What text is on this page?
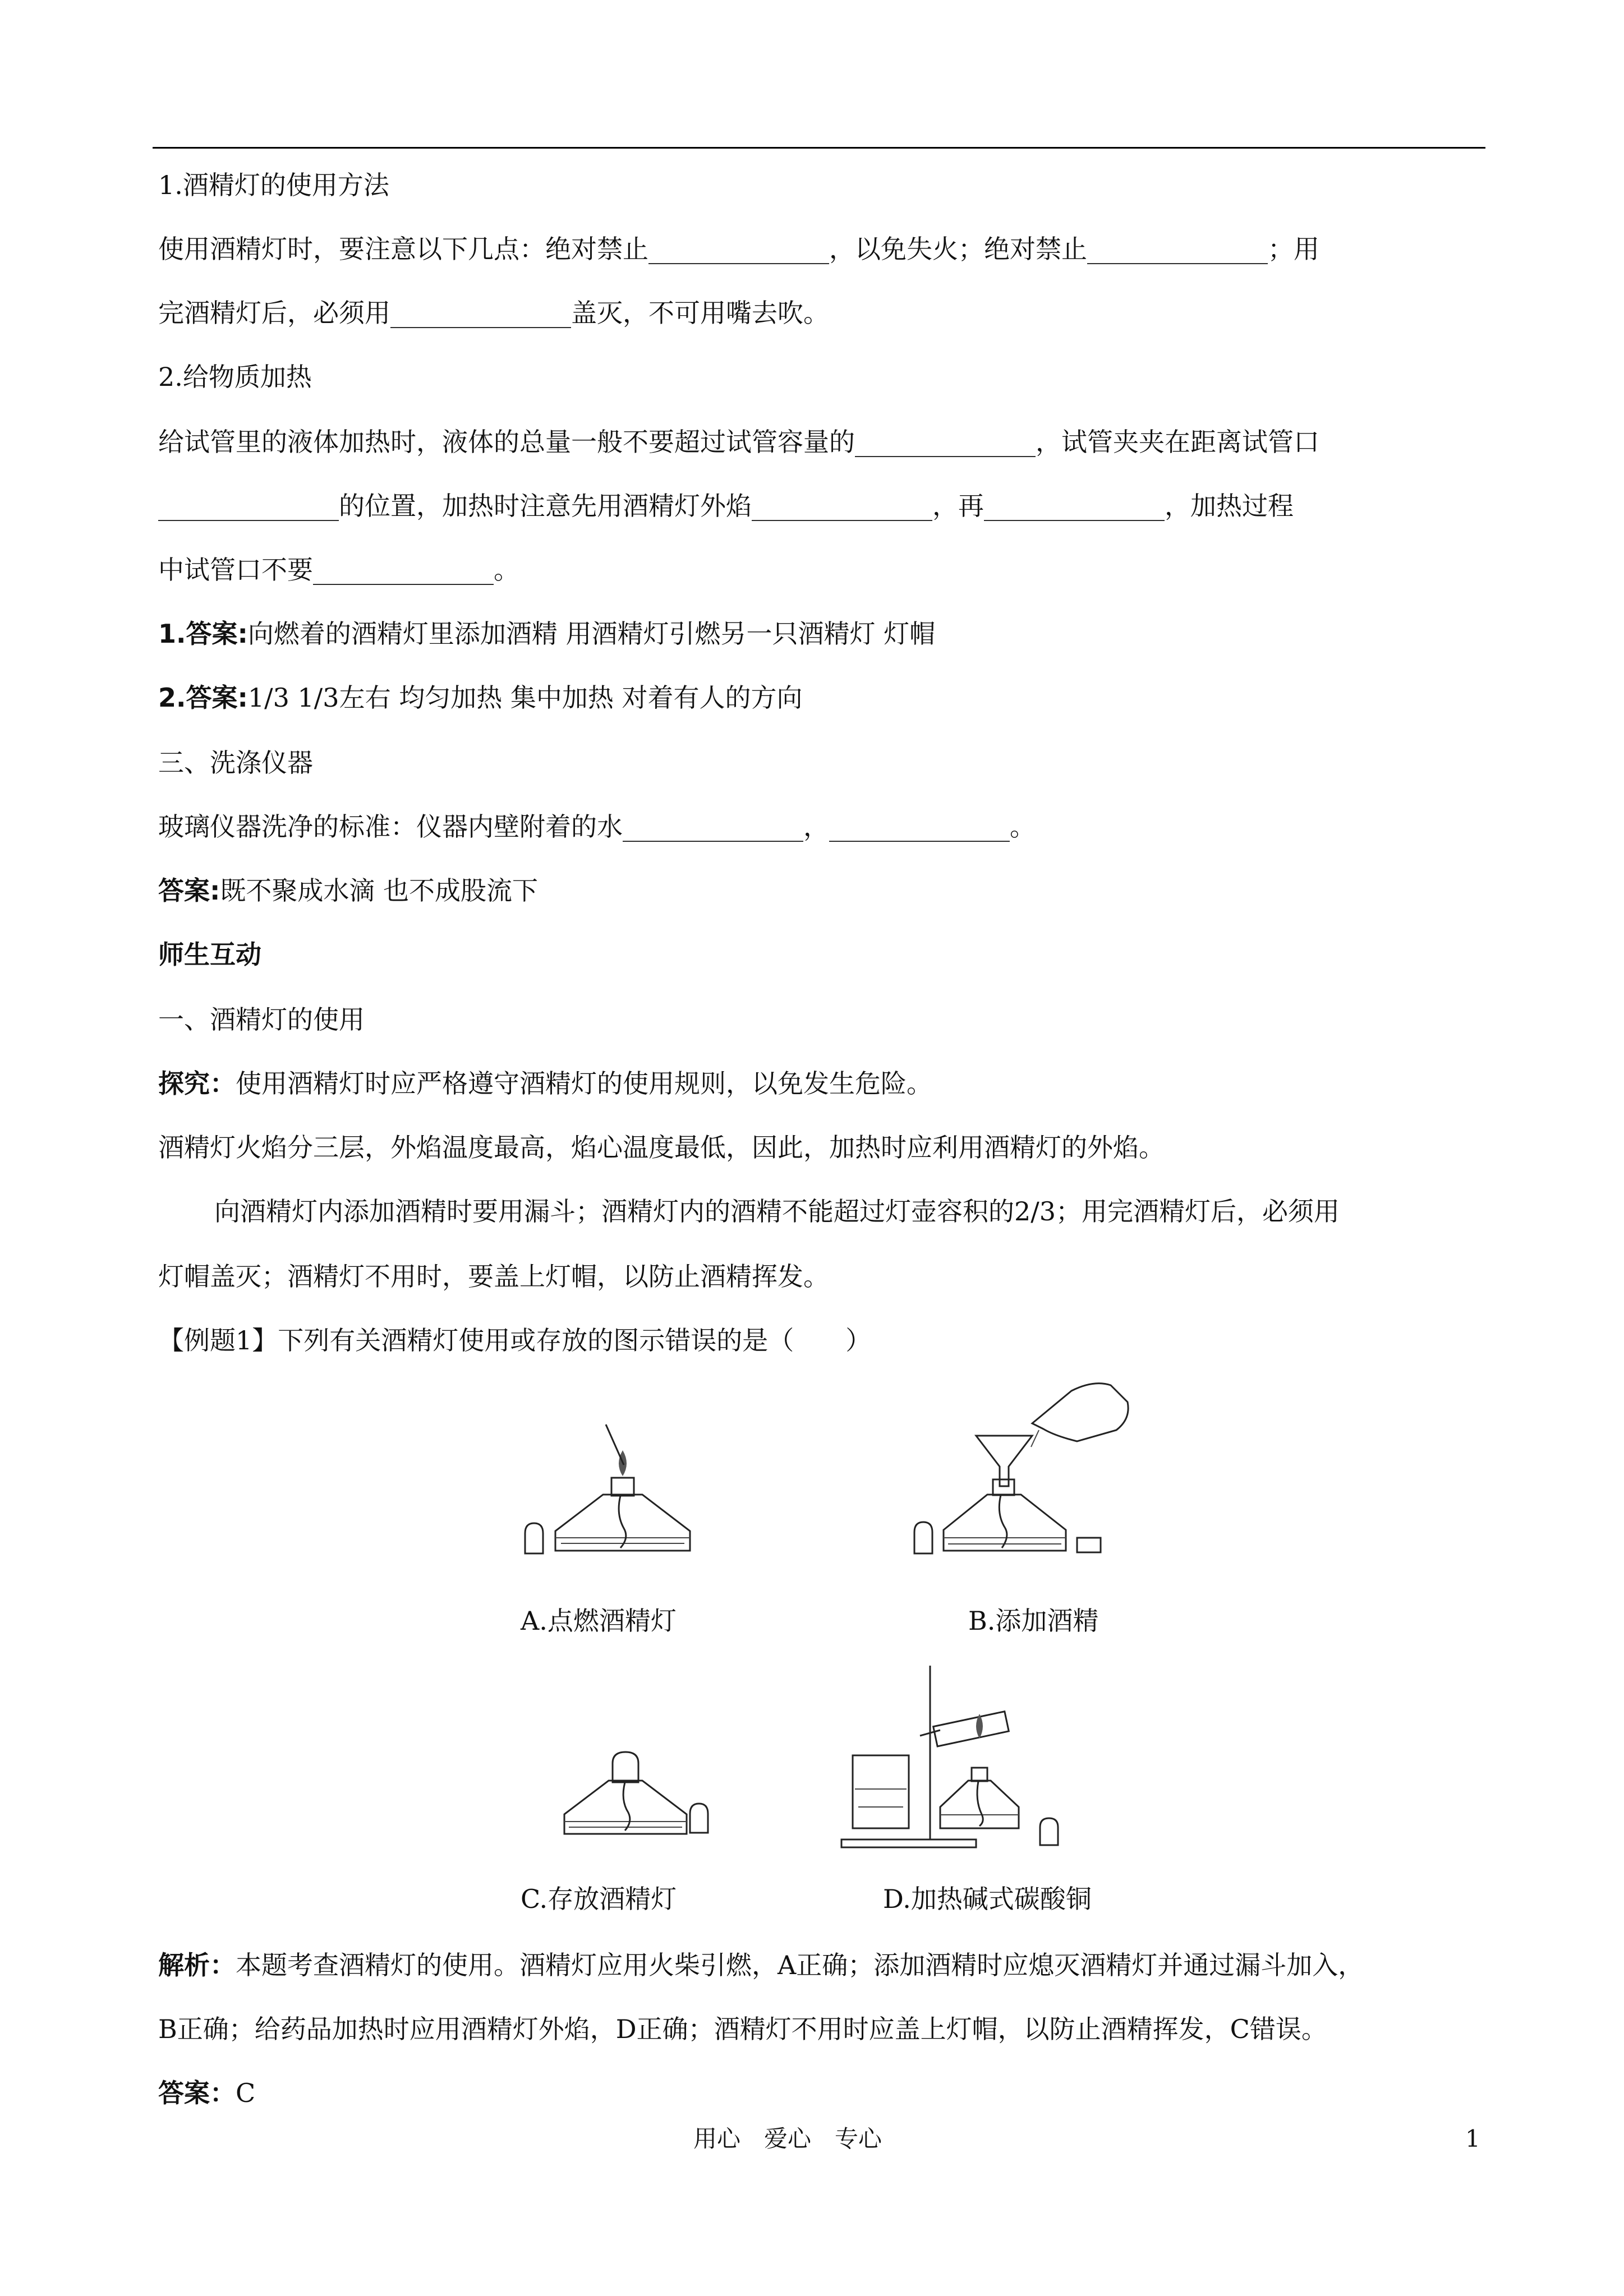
1.酒精灯的使用方法
使用酒精灯时，要注意以下几点：绝对禁止______________，以免失火；绝对禁止______________；用
完酒精灯后，必须用______________盖灭，不可用嘴去吹。
2.给物质加热
给试管里的液体加热时，液体的总量一般不要超过试管容量的______________，试管夹夹在距离试管口
______________的位置，加热时注意先用酒精灯外焰______________，再______________，加热过程
中试管口不要______________。
1.答案:向燃着的酒精灯里添加酒精 用酒精灯引燃另一只酒精灯 灯帽
2.答案:1/3 1/3左右 均匀加热 集中加热 对着有人的方向
三、洗涤仪器
玻璃仪器洗净的标准：仪器内壁附着的水______________，______________。
答案:既不聚成水滴 也不成股流下
师生互动
一、酒精灯的使用
探究：使用酒精灯时应严格遵守酒精灯的使用规则，以免发生危险。
酒精灯火焰分三层，外焰温度最高，焰心温度最低，因此，加热时应利用酒精灯的外焰。
向酒精灯内添加酒精时要用漏斗；酒精灯内的酒精不能超过灯壶容积的2/3；用完酒精灯后，必须用
灯帽盖灭；酒精灯不用时，要盖上灯帽，以防止酒精挥发。
【例题1】下列有关酒精灯使用或存放的图示错误的是（　　）
A.点燃酒精灯	B.添加酒精
C.存放酒精灯	D.加热碱式碳酸铜
解析：本题考查酒精灯的使用。酒精灯应用火柴引燃，A正确；添加酒精时应熄灭酒精灯并通过漏斗加入，
B正确；给药品加热时应用酒精灯外焰，D正确；酒精灯不用时应盖上灯帽，以防止酒精挥发，C错误。
答案：C
用心　爱心　专心	1
